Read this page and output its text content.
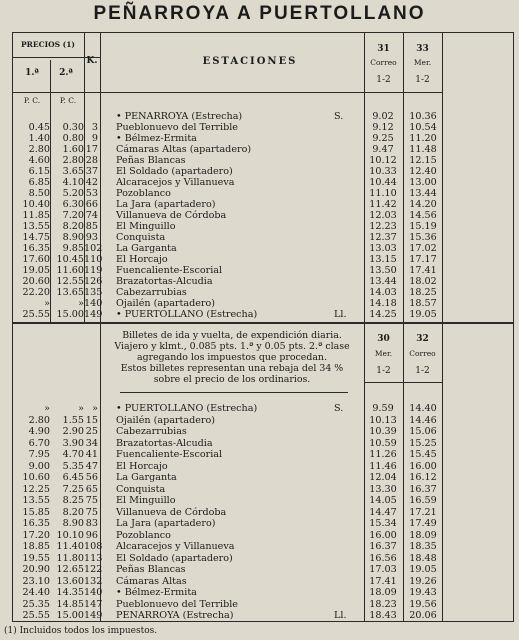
PEÑARROYA A PUERTOLLANO
PRECIOS (1)
1.ª	2.ª
P. C.	P. C.
K.	ESTACIONES
31
Correo
1-2
33
Mer.
1-2
• PEÑARROYA (Estrecha)	S.	9.02	10.36
0.45	0.30 3 Pueblonuevo del Terrible	9.12	10.54
1.40	0.80 9 • Bélmez-Ermita	9.25	11.20
2.80	1.60 17 Cámaras Altas (apartadero)	9.47	11.48
4.60	2.80 28 Peñas Blancas	10.12	12.15
6.15	3.65 37 El Soldado (apartadero)	10.33	12.40
6.85	4.10 42 Alcaracejos y Villanueva	10.44	13.00
8.50	5.20 53 Pozoblanco	11.10	13.44
10.40	6.30 66 La Jara (apartadero)	11.42	14.20
11.85	7.20 74 Villanueva de Córdoba	12.03	14.56
13.55	8.20 85 El Minguillo	12.23	15.19
14.75	8.90 93 Conquista	12.37	15.36
16.35	9.85 102 La Garganta	13.03	17.02
17.60 10.45 110 El Horcajo	13.15	17.17
19.05 11.60 119 Fuencaliente-Escorial	13.50	17.41
20.60 12.55 126 Brazatortas-Alcudia	13.44	18.02
22.20 13.65 135 Cabezarrubias	14.03	18.25
»	» 140 Ojailén (apartadero)	14.18	18.57
25.55 15.00 149 • PUERTOLLANO (Estrecha)	Ll.	14.25	19.05
Billetes de ida y vuelta, de expendición diaria.
Viajero y klmt., 0.085 pts. 1.ª y 0.05 pts. 2.ª clase
agregando los impuestos que procedan.
Estos billetes representan una rebaja del 34 %
sobre el precio de los ordinarios.
30
Mer.
1-2
32
Correo
1-2
»	» » • PUERTOLLANO (Estrecha)	S.	9.59	14.40
2.80	1.55 15 Ojailén (apartadero)	10.13	14.46
4.90	2.90 25 Cabezarrubias	10.39	15.06
6.70	3.90 34 Brazatortas-Alcudia	10.59	15.25
7.95	4.70 41 Fuencaliente-Escorial	11.26	15.45
9.00	5.35 47 El Horcajo	11.46	16.00
10.60	6.45 56 La Garganta	12.04	16.12
12.25	7.25 65 Conquista	13.30	16.37
13.55	8.25 75 El Minguillo	14.05	16.59
15.85	8.20 75 Villanueva de Córdoba	14.47	17.21
16.35	8.90 83 La Jara (apartadero)	15.34	17.49
17.20 10.10 96 Pozoblanco	16.00	18.09
18.85 11.40 108 Alcaracejos y Villanueva	16.37	18.35
19.55 11.80 113 El Soldado (apartadero)	16.56	18.48
20.90 12.65 122 Peñas Blancas	17.03	19.05
23.10 13.60 132 Cámaras Altas	17.41	19.26
24.40 14.35 140 • Bélmez-Ermita	18.09	19.43
25.35 14.85 147 Pueblonuevo del Terrible	18.23	19.56
25.55 15.00 149 PEÑARROYA (Estrecha)	Ll.	18.43	20.06
(1) Incluidos todos los impuestos.
